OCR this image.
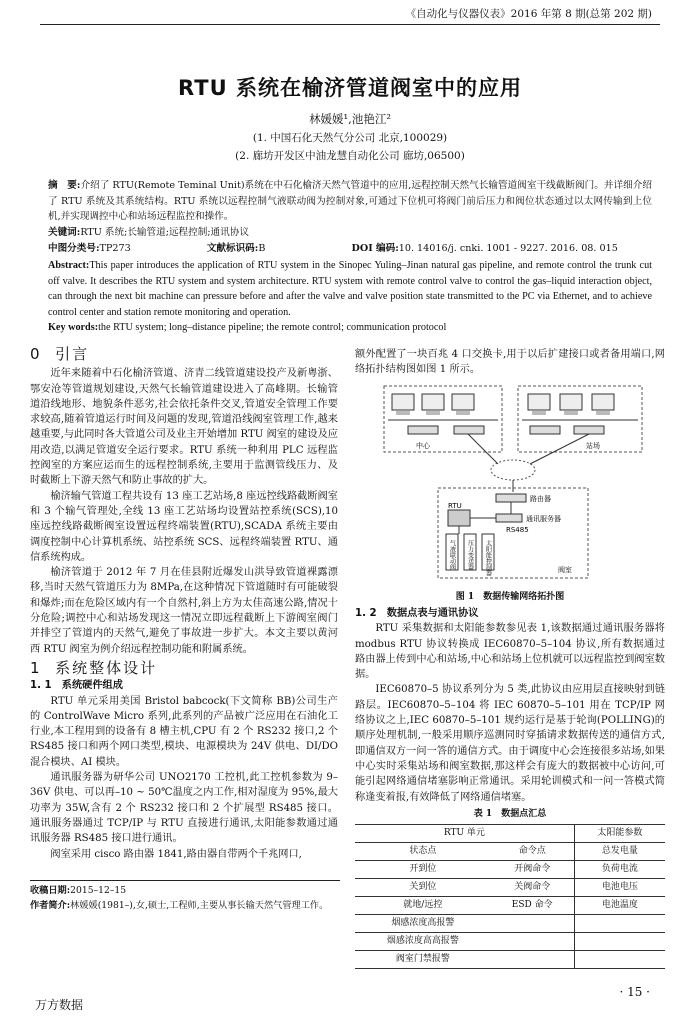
《自动化与仪器仪表》2016 年第 8 期(总第 202 期)
RTU 系统在榆济管道阀室中的应用
林媛媛¹,池艳江²
(1. 中国石化天然气分公司 北京,100029)
(2. 廊坊开发区中油龙慧自动化公司 廊坊,06500)
摘　要:介绍了 RTU(Remote Teminal Unit)系统在中石化榆济天然气管道中的应用,远程控制天然气长输管道阀室干线截断阀门。并详细介绍了 RTU 系统及其系统结构。RTU 系统以远程控制气液联动阀为控制对象,可通过下位机可将阀门前后压力和阀位状态通过以太网传输到上位机,并实现调控中心和站场远程监控和操作。
关键词:RTU 系统;长输管道;远程控制;通讯协议
中图分类号:TP273	文献标识码:B	DOI 编码:10. 14016/j. cnki. 1001 - 9227. 2016. 08. 015
Abstract:This paper introduces the application of RTU system in the Sinopec Yuling–Jinan natural gas pipeline, and remote control the trunk cut off valve. It describes the RTU system and system architecture. RTU system with remote control valve to control the gas–liquid interaction object, can through the next bit machine can pressure before and after the valve and valve position state transmitted to the PC via Ethernet, and to achieve control center and station remote monitoring and operation.
Key words:the RTU system; long–distance pipeline; the remote control; communication protocol
0 引言

近年来随着中石化榆济管道、济青二线管道建设投产及新粤浙、鄂安沧等管道规划建设,天然气长输管道建设进入了高峰期。长输管道沿线地形、地貌条件恶劣,社会依托条件交叉,管道安全管理工作要求较高,随着管道运行时间及问题的发现,管道沿线阀室管理工作,越来越重要,与此同时各大管道公司及业主开始增加 RTU 阀室的建设及应用改造,以满足管道安全运行要求。RTU 系统一种利用 PLC 远程监控阀室的方案应运而生的远程控制系统,主要用于监测管线压力、及时截断上下游天然气和防止事故的扩大。

榆济输气管道工程共设有 13 座工艺站场,8 座远控线路截断阀室和 3 个输气管理处,全线 13 座工艺站场均设置站控系统(SCS),10 座远控线路截断阀室设置远程终端装置(RTU),SCADA 系统主要由调度控制中心计算机系统、站控系统 SCS、远程终端装置 RTU、通信系统构成。

榆济管道于 2012 年 7 月在佳县附近爆发山洪导致管道裸露漂移,当时天然气管道压力为 8MPa,在这种情况下管道随时有可能破裂和爆炸;而在危险区域内有一个自然村,斜上方为太佳高速公路,情况十分危险;调控中心和站场发现这一情况立即远程截断上下游阀室阀门并排空了管道内的天然气,避免了事故进一步扩大。本文主要以黄河西 RTU 阀室为例介绍远程控制功能和附属系统。

1 系统整体设计
1. 1　系统硬件组成

RTU 单元采用美国 Bristol babcock(下文简称 BB)公司生产的 ControlWave Micro 系列,此系列的产品被广泛应用在石油化工行业,本工程用到的设备有 8 槽主机,CPU 有 2 个 RS232 接口,2 个 RS485 接口和两个网口类型,模块、电源模块为 24V 供电、DI/DO 混合模块、AI 模块。

通讯服务器为研华公司 UNO2170 工控机,此工控机参数为 9–36V 供电、可以再–10 ~ 50℃温度之内工作,相对湿度为 95%,最大功率为 35W,含有 2 个 RS232 接口和 2 个扩展型 RS485 接口。通讯服务器通过 TCP/IP 与 RTU 直接进行通讯,太阳能参数通过通讯服务器 RS485 接口进行通讯。

阀室采用 cisco 路由器 1841,路由器自带两个千兆网口,

收稿日期:2015–12–15
作者简介:林媛媛(1981–),女,硕士,工程师,主要从事长输天然气管理工作。
额外配置了一块百兆 4 口交换卡,用于以后扩建接口或者备用端口,网络拓扑结构图如图 1 所示。
中心	站场
路由器
RTU
通讯服务器
RS485
气液联动阀 压力变送器 太阳能控制器	阀室
图 1　数据传输网络拓扑图
1. 2　数据点表与通讯协议

RTU 采集数据和太阳能参数参见表 1,该数据通过通讯服务器将 modbus RTU 协议转换成 IEC60870–5–104 协议,所有数据通过路由器上传到中心和站场,中心和站场上位机就可以远程监控到阀室数据。

IEC60870–5 协议系列分为 5 类,此协议由应用层直接映射到链路层。IEC60870–5–104 将 IEC 60870–5–101 用在 TCP/IP 网络协议之上,IEC 60870–5–101 规约运行是基于轮询(POLLING)的顺序处理机制,一般采用顺序巡测同时穿插请求数据传送的通信方式,即通信双方一问一答的通信方式。由于调度中心会连接很多站场,如果中心实时采集站场和阀室数据,那这样会有庞大的数据被中心访问,可能引起网络通信堵塞影响正常通讯。采用轮训模式和一问一答模式简称逢变着报,有效降低了网络通信堵塞。

表 1　数据点汇总
RTU 单元		太阳能参数
状态点	命令点	总发电量
开到位	开阀命令	负荷电流
关到位	关阀命令	电池电压
就地/远控	ESD 命令	电池温度
烟感浓度高报警		
烟感浓度高高报警		
阀室门禁报警		
· 15 ·
万方数据
